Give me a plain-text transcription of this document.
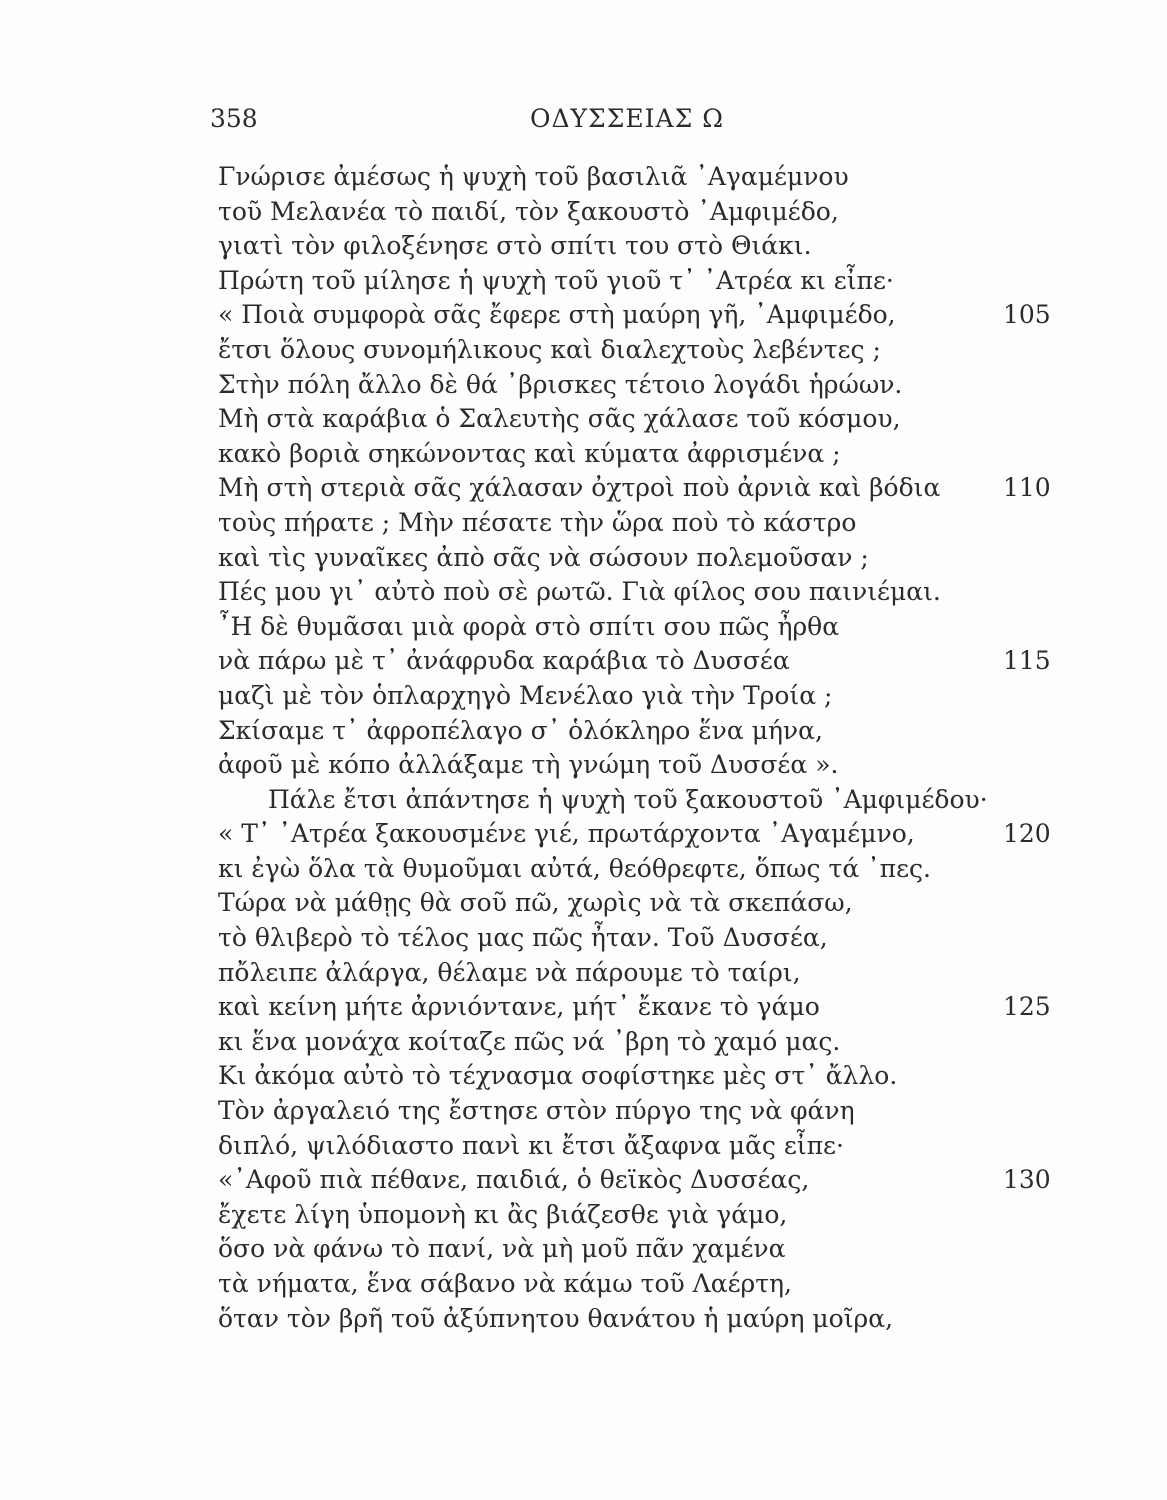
358	ΟΔΥΣΣΕΙΑΣ Ω
Γνώρισε ἀμέσως ἡ ψυχὴ τοῦ βασιλιᾶ ᾽Αγαμέμνου
τοῦ Μελανέα τὸ παιδί, τὸν ξακουστὸ ᾽Αμφιμέδο,
γιατὶ τὸν φιλοξένησε στὸ σπίτι του στὸ Θιάκι.
Πρώτη τοῦ μίλησε ἡ ψυχὴ τοῦ γιοῦ τ᾽ ᾽Ατρέα κι εἶπε·
« Ποιὰ συμφορὰ σᾶς ἔφερε στὴ μαύρη γῆ, ᾽Αμφιμέδο,	105
ἔτσι ὅλους συνομήλικους καὶ διαλεχτοὺς λεβέντες ;
Στὴν πόλη ἄλλο δὲ θά ᾽βρισκες τέτοιο λογάδι ἡρώων.
Μὴ στὰ καράβια ὁ Σαλευτὴς σᾶς χάλασε τοῦ κόσμου,
κακὸ βοριὰ σηκώνοντας καὶ κύματα ἀφρισμένα ;
Μὴ στὴ στεριὰ σᾶς χάλασαν ὀχτροὶ ποὺ ἀρνιὰ καὶ βόδια	110
τοὺς πήρατε ; Μὴν πέσατε τὴν ὥρα ποὺ τὸ κάστρο
καὶ τὶς γυναῖκες ἀπὸ σᾶς νὰ σώσουν πολεμοῦσαν ;
Πές μου γι᾽ αὐτὸ ποὺ σὲ ρωτῶ. Γιὰ φίλος σου παινιέμαι.
῏Η δὲ θυμᾶσαι μιὰ φορὰ στὸ σπίτι σου πῶς ἦρθα
νὰ πάρω μὲ τ᾽ ἀνάφρυδα καράβια τὸ Δυσσέα	115
μαζὶ μὲ τὸν ὁπλαρχηγὸ Μενέλαο γιὰ τὴν Τροία ;
Σκίσαμε τ᾽ ἀφροπέλαγο σ᾽ ὁλόκληρο ἕνα μήνα,
ἀφοῦ μὲ κόπο ἀλλάξαμε τὴ γνώμη τοῦ Δυσσέα ».
Πάλε ἔτσι ἀπάντησε ἡ ψυχὴ τοῦ ξακουστοῦ ᾽Αμφιμέδου·
« Τ᾽ ᾽Ατρέα ξακουσμένε γιέ, πρωτάρχοντα ᾽Αγαμέμνο,	120
κι ἐγὼ ὅλα τὰ θυμοῦμαι αὐτά, θεόθρεφτε, ὅπως τά ᾽πες.
Τώρα νὰ μάθῃς θὰ σοῦ πῶ, χωρὶς νὰ τὰ σκεπάσω,
τὸ θλιβερὸ τὸ τέλος μας πῶς ἦταν. Τοῦ Δυσσέα,
πὄλειπε ἀλάργα, θέλαμε νὰ πάρουμε τὸ ταίρι,
καὶ κείνη μήτε ἀρνιόντανε, μήτ᾽ ἔκανε τὸ γάμο	125
κι ἕνα μονάχα κοίταζε πῶς νά ᾽βρη τὸ χαμό μας.
Κι ἀκόμα αὐτὸ τὸ τέχνασμα σοφίστηκε μὲς στ᾽ ἄλλο.
Τὸν ἀργαλειό της ἔστησε στὸν πύργο της νὰ φάνη
διπλό, ψιλόδιαστο πανὶ κι ἔτσι ἄξαφνα μᾶς εἶπε·
«᾽Αφοῦ πιὰ πέθανε, παιδιά, ὁ θεϊκὸς Δυσσέας,	130
ἔχετε λίγη ὑπομονὴ κι ἂς βιάζεσθε γιὰ γάμο,
ὅσο νὰ φάνω τὸ πανί, νὰ μὴ μοῦ πᾶν χαμένα
τὰ νήματα, ἕνα σάβανο νὰ κάμω τοῦ Λαέρτη,
ὅταν τὸν βρῆ τοῦ ἀξύπνητου θανάτου ἡ μαύρη μοῖρα,
